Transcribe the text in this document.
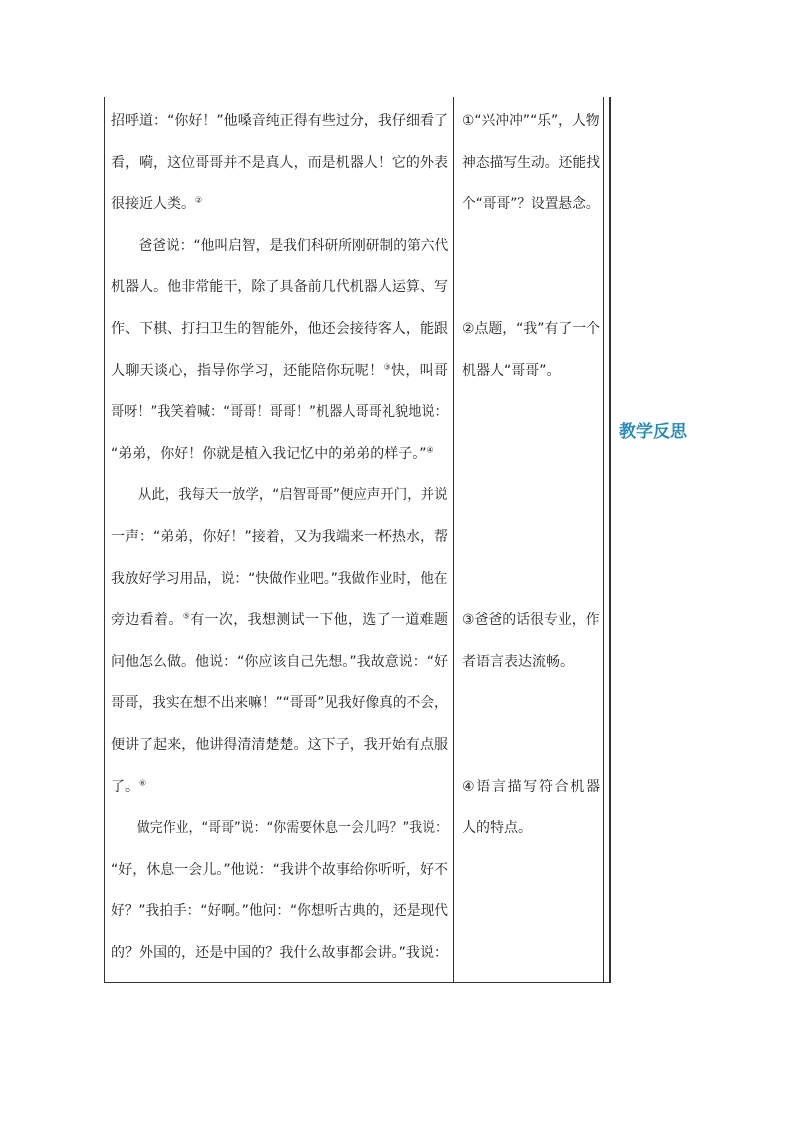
招呼道：“你好！”他嗓音纯正得有些过分，我仔细看了
看，嗬，这位哥哥并不是真人，而是机器人！它的外表
很接近人类。②
爸爸说：“他叫启智，是我们科研所刚研制的第六代
机器人。他非常能干，除了具备前几代机器人运算、写
作、下棋、打扫卫生的智能外，他还会接待客人，能跟
人聊天谈心，指导你学习，还能陪你玩呢！③快，叫哥
哥呀！”我笑着喊：“哥哥！哥哥！”机器人哥哥礼貌地说：
“弟弟，你好！你就是植入我记忆中的弟弟的样子。”④
从此，我每天一放学，“启智哥哥”便应声开门，并说
一声：“弟弟，你好！”接着，又为我端来一杯热水，帮
我放好学习用品，说：“快做作业吧。”我做作业时，他在
旁边看着。⑤有一次，我想测试一下他，选了一道难题
问他怎么做。他说：“你应该自己先想。”我故意说：“好
哥哥，我实在想不出来嘛！”“哥哥”见我好像真的不会，
便讲了起来，他讲得清清楚楚。这下子，我开始有点服
了。⑥
做完作业，“哥哥”说：“你需要休息一会儿吗？”我说：
“好，休息一会儿。”他说：“我讲个故事给你听听，好不
好？”我拍手：“好啊。”他问：“你想听古典的，还是现代
的？外国的，还是中国的？我什么故事都会讲。”我说：
①“兴冲冲”“乐”，人物
神态描写生动。还能找
个“哥哥”？设置悬念。
②点题，“我”有了一个
机器人“哥哥”。
③爸爸的话很专业，作
者语言表达流畅。
④语言描写符合机器
人的特点。
教学反思
